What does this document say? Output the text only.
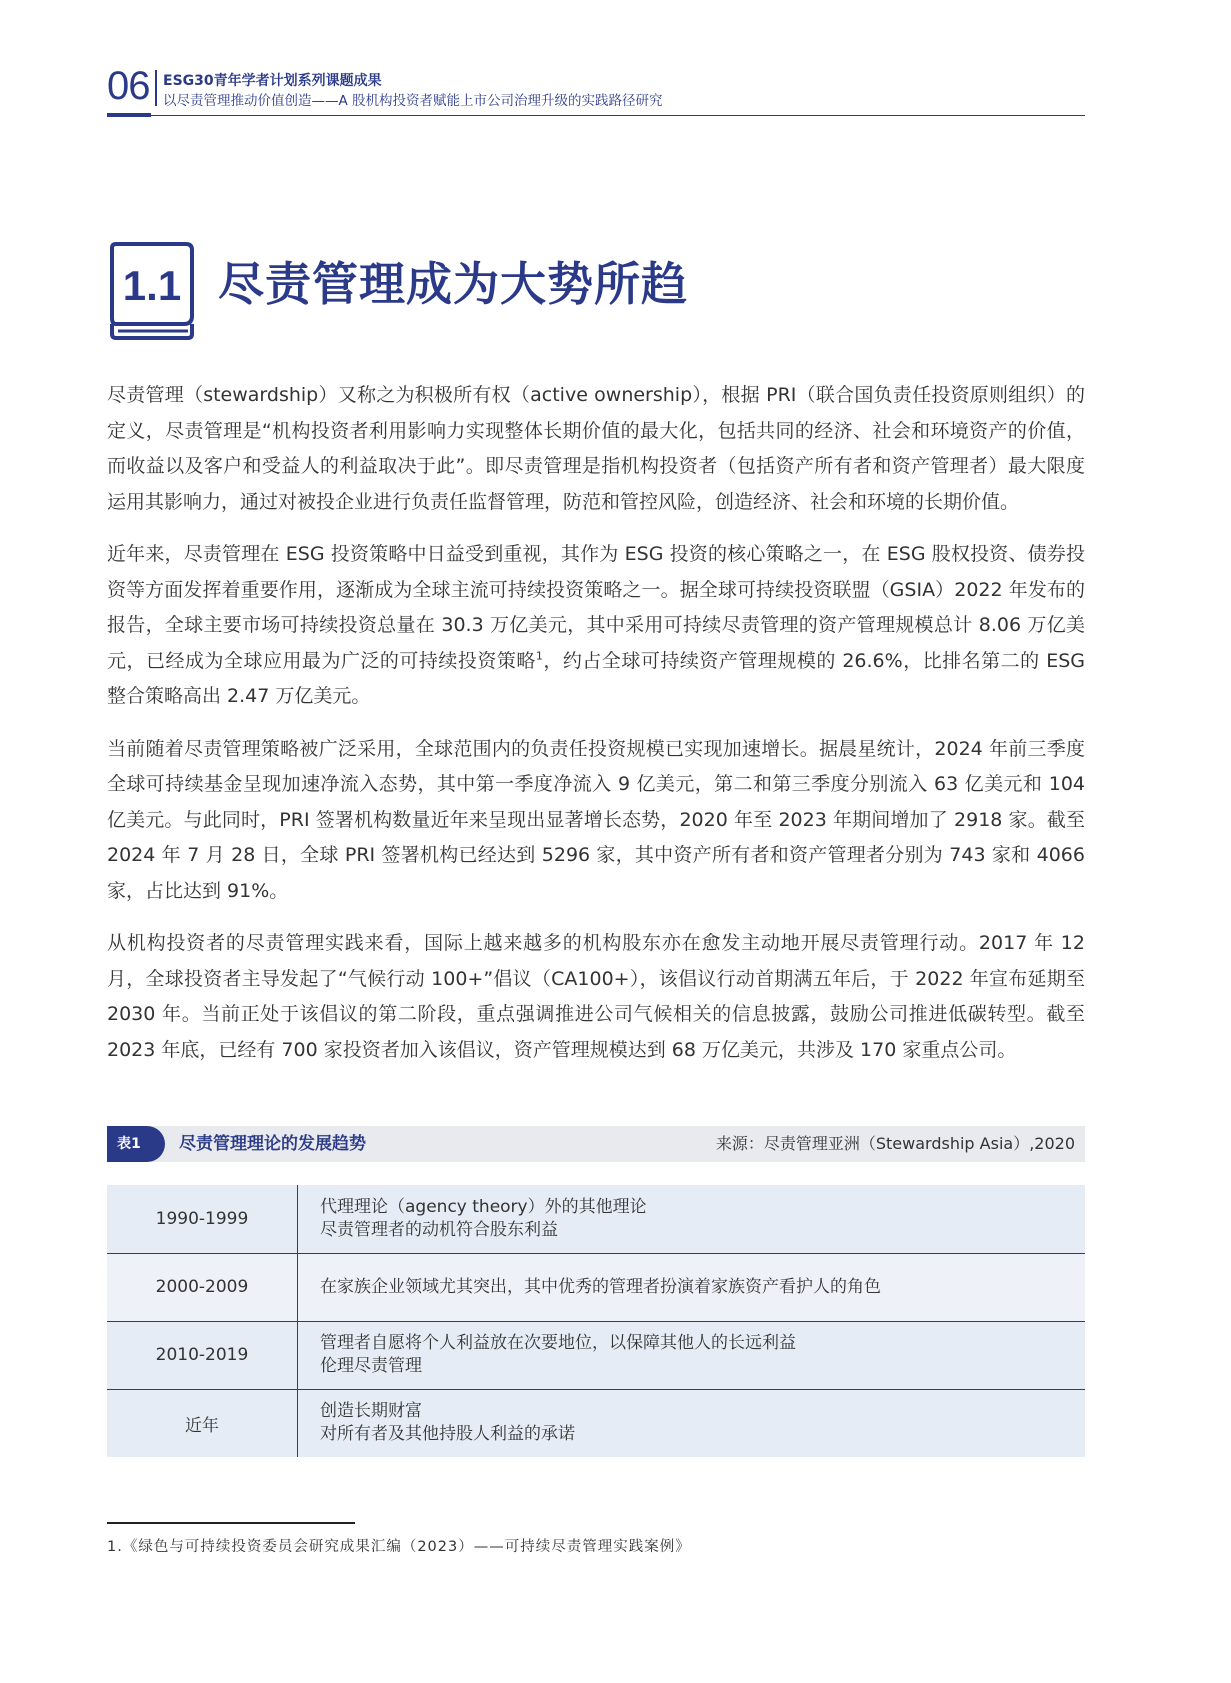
06 ESG30青年学者计划系列课题成果
以尽责管理推动价值创造——A 股机构投资者赋能上市公司治理升级的实践路径研究
1.1 尽责管理成为大势所趋

尽责管理（stewardship）又称之为积极所有权（active ownership），根据 PRI（联合国负责任投资原则组织）的定义，尽责管理是“机构投资者利用影响力实现整体长期价值的最大化，包括共同的经济、社会和环境资产的价值，而收益以及客户和受益人的利益取决于此”。即尽责管理是指机构投资者（包括资产所有者和资产管理者）最大限度运用其影响力，通过对被投企业进行负责任监督管理，防范和管控风险，创造经济、社会和环境的长期价值。

近年来，尽责管理在 ESG 投资策略中日益受到重视，其作为 ESG 投资的核心策略之一，在 ESG 股权投资、债券投资等方面发挥着重要作用，逐渐成为全球主流可持续投资策略之一。据全球可持续投资联盟（GSIA）2022 年发布的报告，全球主要市场可持续投资总量在 30.3 万亿美元，其中采用可持续尽责管理的资产管理规模总计 8.06 万亿美元，已经成为全球应用最为广泛的可持续投资策略$^1$，约占全球可持续资产管理规模的 26.6%，比排名第二的 ESG 整合策略高出 2.47 万亿美元。

当前随着尽责管理策略被广泛采用，全球范围内的负责任投资规模已实现加速增长。据晨星统计，2024 年前三季度全球可持续基金呈现加速净流入态势，其中第一季度净流入 9 亿美元，第二和第三季度分别流入 63 亿美元和 104 亿美元。与此同时，PRI 签署机构数量近年来呈现出显著增长态势，2020 年至 2023 年期间增加了 2918 家。截至 2024 年 7 月 28 日，全球 PRI 签署机构已经达到 5296 家，其中资产所有者和资产管理者分别为 743 家和 4066 家，占比达到 91%。

从机构投资者的尽责管理实践来看，国际上越来越多的机构股东亦在愈发主动地开展尽责管理行动。2017 年 12 月，全球投资者主导发起了“气候行动 100+”倡议（CA100+），该倡议行动首期满五年后，于 2022 年宣布延期至 2030 年。当前正处于该倡议的第二阶段，重点强调推进公司气候相关的信息披露，鼓励公司推进低碳转型。截至 2023 年底，已经有 700 家投资者加入该倡议，资产管理规模达到 68 万亿美元，共涉及 170 家重点公司。

表1	尽责管理理论的发展趋势	来源：尽责管理亚洲（Stewardship Asia）,2020
1990-1999	代理理论（agency theory）外的其他理论
尽责管理者的动机符合股东利益

2000-2009	在家族企业领域尤其突出，其中优秀的管理者扮演着家族资产看护人的角色

2010-2019	管理者自愿将个人利益放在次要地位，以保障其他人的长远利益
伦理尽责管理

近年	创造长期财富
对所有者及其他持股人利益的承诺
1.《绿色与可持续投资委员会研究成果汇编（2023）——可持续尽责管理实践案例》
